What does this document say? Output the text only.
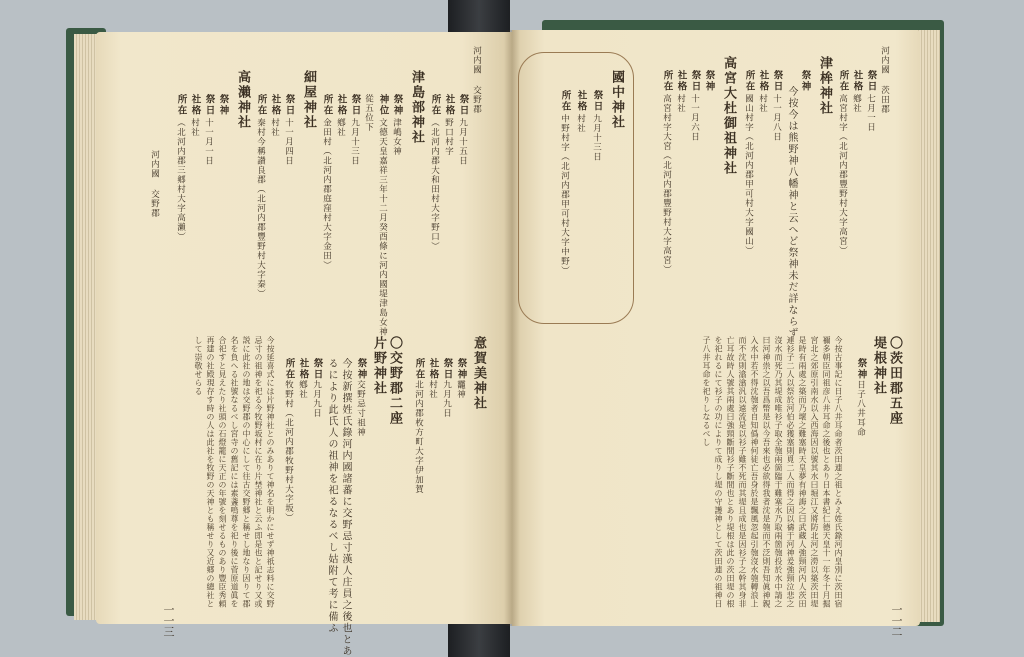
河内國 交野郡
祭日
九月十五日
社格
野口村字
所在
（北河内郡大和田村大字野口）
津島部神社
祭神
津嶋女神
神位
文德天皇嘉祥三年十二月癸酉條に河内國堤津島女神
從五位下
祭日
九月十三日
社格
鄕社
所在
金田村（北河内郡庭窪村大字金田）
細屋神社
祭日
十一月四日
社格
村社
所在
秦村今稱讃良郡（北河内郡豐野村大字秦）
高瀨神社
祭神
祭日
十一月一日
社格
村社
所在
（北河内郡三郷村大字高瀨）
河内國 交野郡
意賀美神社
祭神
龗神
祭日
九月九日
社格
村社
所在
北河内郡枚方町大字伊加賀
〇交野郡二座
片野神社
祭神
交野忌寸祖神
今按新撰姓氏錄河内國諸蕃に交野忌寸漢人庄員之後也とあ
るにより此氏人の祖神を祀るなるべし姑附て考に備ふ
祭日
九月九日
社格
鄕社
所在
牧野村（北河内郡牧野村大字坂）
河内國 茨田郡
祭日
七月一日
社格
鄕社
所在
高宮村字（北河内郡豐野村大字高宮）
津桙神社
祭神
今按今は熊野神八幡神と云へど祭神未だ詳ならず
祭日
十一月八日
社格
村社
所在
國山村字（北河内郡甲可村大字國山）
高宮大杜御祖神社
祭神
祭日
十一月六日
社格
村社
所在
高宮村字大宮（北河内郡豐野村大字高宮）
國中神社
祭日
九月十三日
社格
村社
所在
中野村字（北河内郡甲可村大字中野）
〇茨田郡五座
堤根神社
祭神
日子八井耳命
今按延喜式には片野神社とのみありて神名を明かにせず神祇志料に交野忌寸の祖神を祀る今牧野坂村に在り片埜神社と云ふ即是也と記せり又或説に此社の地は交野郡の中心にして往古交野郷と稱せし地なり因りて郡名を負へる社號なるべし宮寺の舊記には素盞嗚尊を祀り後に菅原道眞を合祀すと見えたり社頭の石燈籠に天正の年號を刻せるものあり豐臣秀頼再建の社殿現存す時の人は此社を牧野の天神とも稱せり又近郷の總社として崇敬せらる	今按古事記に日子八井耳命者茨田連之祖とみえ姓氏錄河内皇別に茨田宿禰多朝臣同祖彦八井耳命之後也とあり日本書紀仁德天皇十一年冬十月掘宮北之郊原引南水以入西海因以號其水曰堀江又將防北河之澇以築茨田堤是時有兩處之築而乃壞之難塞時天皇夢有神誨之曰武藏人強頸河内人茨田連衫子二人以祭於河伯必獲塞則覓二人而得之因以禱于河神爰強頸泣悲之沒水而死乃其堤成唯衫子取全匏兩箇臨于難塞水乃取兩箇匏投於水中請之曰河神祟之以吾爲幣是以今吾來也必欲得我者沈是匏而不泛則吾知眞神親入水中若不得沈匏者自知僞神何徒亡吾身於是飄風忽起引匏沒水匏轉浪上而不沈則潝潝汎以遠流是以衫子雖不死而其堤且成也是因衫子之幹其身非亡耳故時人號其兩處曰強頸斷間衫子斷間也とあり堤根は此の茨田堤の根を祀れるにて衫子の功によりて成りし堤の守護神として茨田連の祖神日子八井耳命を祀りしなるべし
一一二
一一三
